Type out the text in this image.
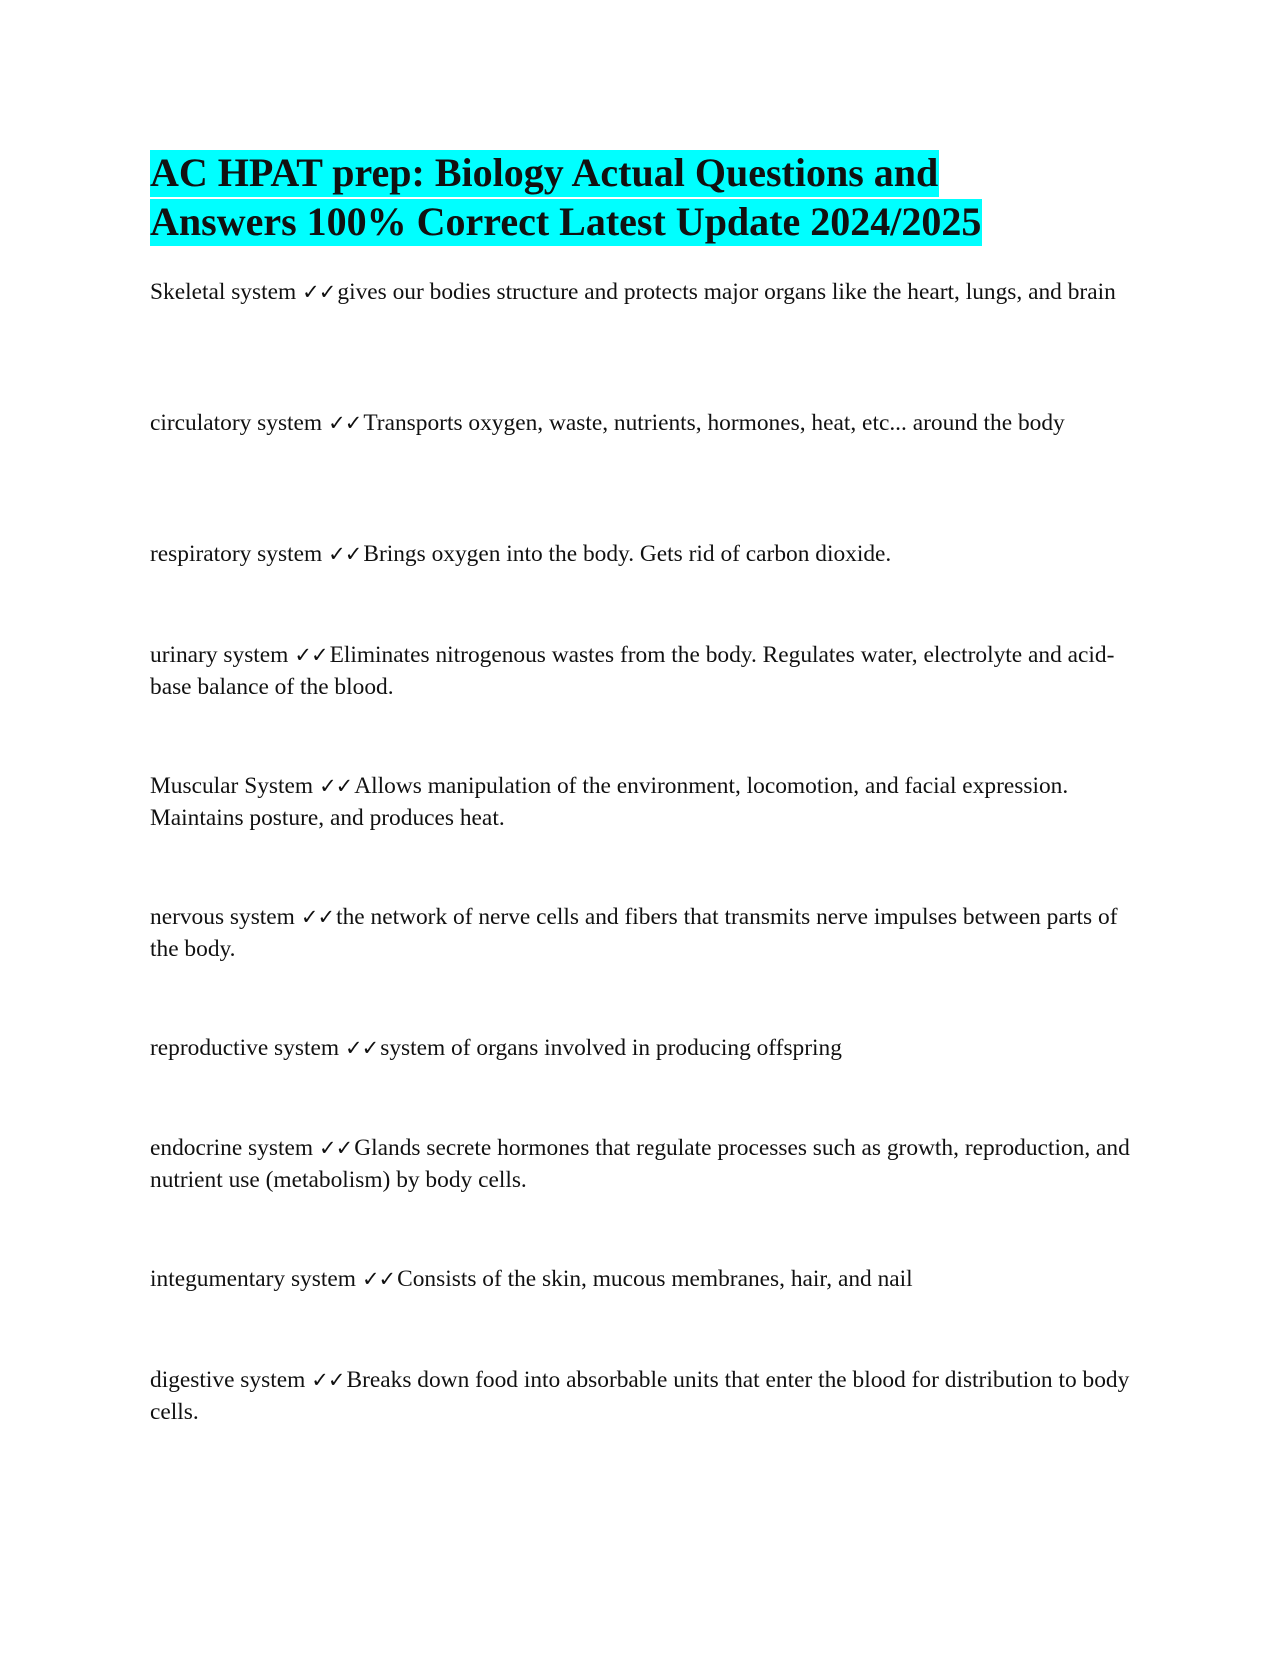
AC HPAT prep: Biology Actual Questions and
Answers 100% Correct Latest Update 2024/2025

Skeletal system ✓✓gives our bodies structure and protects major organs like the heart, lungs, and brain

circulatory system ✓✓Transports oxygen, waste, nutrients, hormones, heat, etc... around the body

respiratory system ✓✓Brings oxygen into the body. Gets rid of carbon dioxide.

urinary system ✓✓Eliminates nitrogenous wastes from the body. Regulates water, electrolyte and acid-base balance of the blood.

Muscular System ✓✓Allows manipulation of the environment, locomotion, and facial expression. Maintains posture, and produces heat.

nervous system ✓✓the network of nerve cells and fibers that transmits nerve impulses between parts of the body.

reproductive system ✓✓system of organs involved in producing offspring

endocrine system ✓✓Glands secrete hormones that regulate processes such as growth, reproduction, and nutrient use (metabolism) by body cells.

integumentary system ✓✓Consists of the skin, mucous membranes, hair, and nail

digestive system ✓✓Breaks down food into absorbable units that enter the blood for distribution to body cells.
